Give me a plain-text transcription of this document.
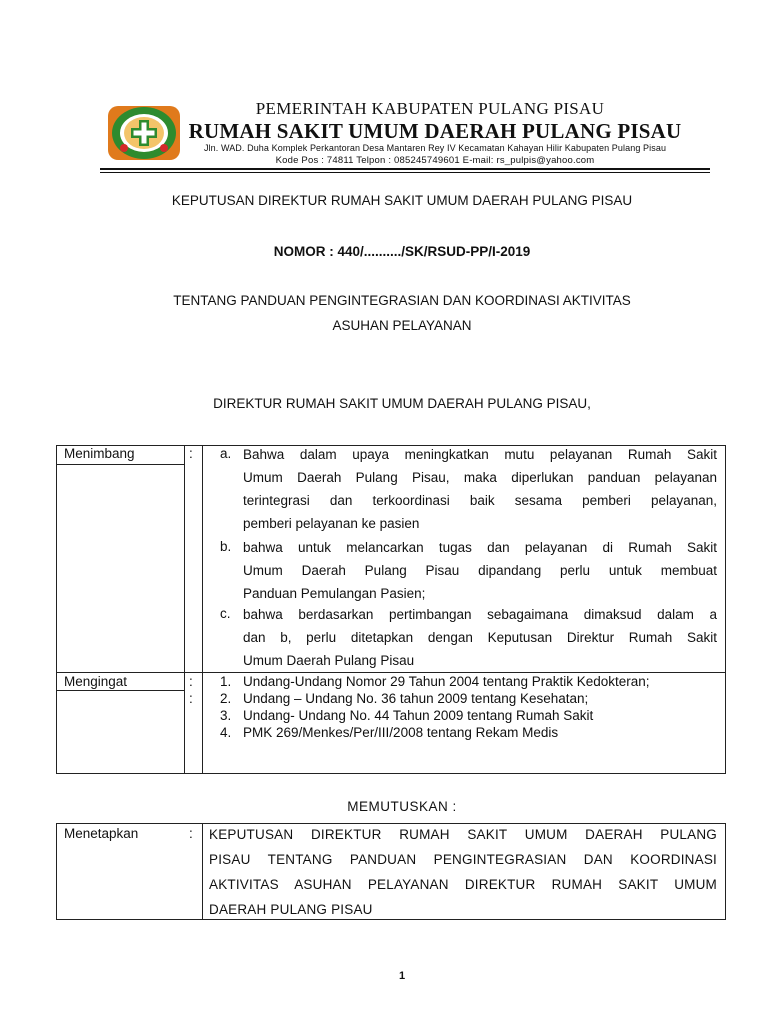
PEMERINTAH KABUPATEN PULANG PISAU
RUMAH SAKIT UMUM DAERAH PULANG PISAU
Jln. WAD. Duha Komplek Perkantoran Desa Mantaren Rey IV Kecamatan Kahayan Hilir Kabupaten Pulang Pisau
Kode Pos : 74811 Telpon : 085245749601 E-mail: rs_pulpis@yahoo.com
KEPUTUSAN DIREKTUR RUMAH SAKIT UMUM DAERAH PULANG PISAU
NOMOR : 440/........../SK/RSUD-PP/I-2019
TENTANG PANDUAN PENGINTEGRASIAN DAN KOORDINASI AKTIVITAS
ASUHAN PELAYANAN
DIREKTUR RUMAH SAKIT UMUM DAERAH PULANG PISAU,
Menimbang	: a. Bahwa dalam upaya meningkatkan mutu pelayanan Rumah Sakit
Umum Daerah Pulang Pisau, maka diperlukan panduan pelayanan
terintegrasi dan terkoordinasi baik sesama pemberi pelayanan,
pemberi pelayanan ke pasien
b. bahwa untuk melancarkan tugas dan pelayanan di Rumah Sakit
Umum Daerah Pulang Pisau dipandang perlu untuk membuat
Panduan Pemulangan Pasien;
c. bahwa berdasarkan pertimbangan sebagaimana dimaksud dalam a
dan b, perlu ditetapkan dengan Keputusan Direktur Rumah Sakit
Umum Daerah Pulang Pisau
Mengingat	:
:
1. Undang-Undang Nomor 29 Tahun 2004 tentang Praktik Kedokteran;
2. Undang – Undang No. 36 tahun 2009 tentang Kesehatan;
3. Undang- Undang No. 44 Tahun 2009 tentang Rumah Sakit
4. PMK 269/Menkes/Per/III/2008 tentang Rekam Medis
MEMUTUSKAN :
Menetapkan	: KEPUTUSAN DIREKTUR RUMAH SAKIT UMUM DAERAH PULANG
PISAU TENTANG PANDUAN PENGINTEGRASIAN DAN KOORDINASI
AKTIVITAS ASUHAN PELAYANAN DIREKTUR RUMAH SAKIT UMUM
DAERAH PULANG PISAU
1
